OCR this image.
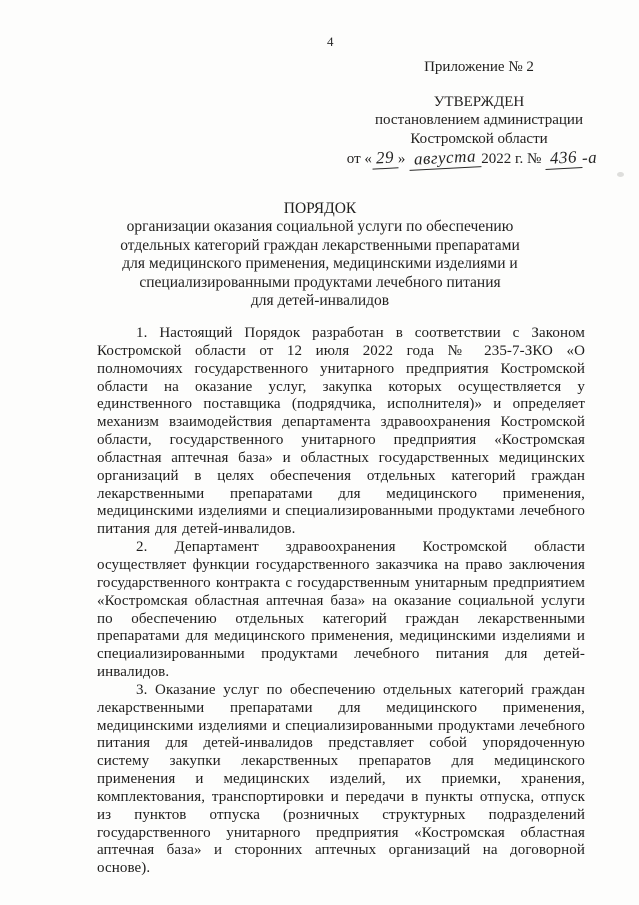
4
Приложение № 2
УТВЕРЖДЕН
постановлением администрации
Костромской области
от « 29 » августа 2022 г. № 436 -а
ПОРЯДОК
организации оказания социальной услуги по обеспечению
отдельных категорий граждан лекарственными препаратами
для медицинского применения, медицинскими изделиями и
специализированными продуктами лечебного питания
для детей-инвалидов

1. Настоящий Порядок разработан в соответствии с Законом Костромской области от 12 июля 2022 года № 235-7-ЗКО «О полномочиях государственного унитарного предприятия Костромской области на оказание услуг, закупка которых осуществляется у единственного поставщика (подрядчика, исполнителя)» и определяет механизм взаимодействия департамента здравоохранения Костромской области, государственного унитарного предприятия «Костромская областная аптечная база» и областных государственных медицинских организаций в целях обеспечения отдельных категорий граждан лекарственными препаратами для медицинского применения, медицинскими изделиями и специализированными продуктами лечебного питания для детей-инвалидов.

2. Департамент здравоохранения Костромской области осуществляет функции государственного заказчика на право заключения государственного контракта с государственным унитарным предприятием «Костромская областная аптечная база» на оказание социальной услуги по обеспечению отдельных категорий граждан лекарственными препаратами для медицинского применения, медицинскими изделиями и специализированными продуктами лечебного питания для детей-инвалидов.

3. Оказание услуг по обеспечению отдельных категорий граждан лекарственными препаратами для медицинского применения, медицинскими изделиями и специализированными продуктами лечебного питания для детей-инвалидов представляет собой упорядоченную систему закупки лекарственных препаратов для медицинского применения и медицинских изделий, их приемки, хранения, комплектования, транспортировки и передачи в пункты отпуска, отпуск из пунктов отпуска (розничных структурных подразделений государственного унитарного предприятия «Костромская областная аптечная база» и сторонних аптечных организаций на договорной основе).
